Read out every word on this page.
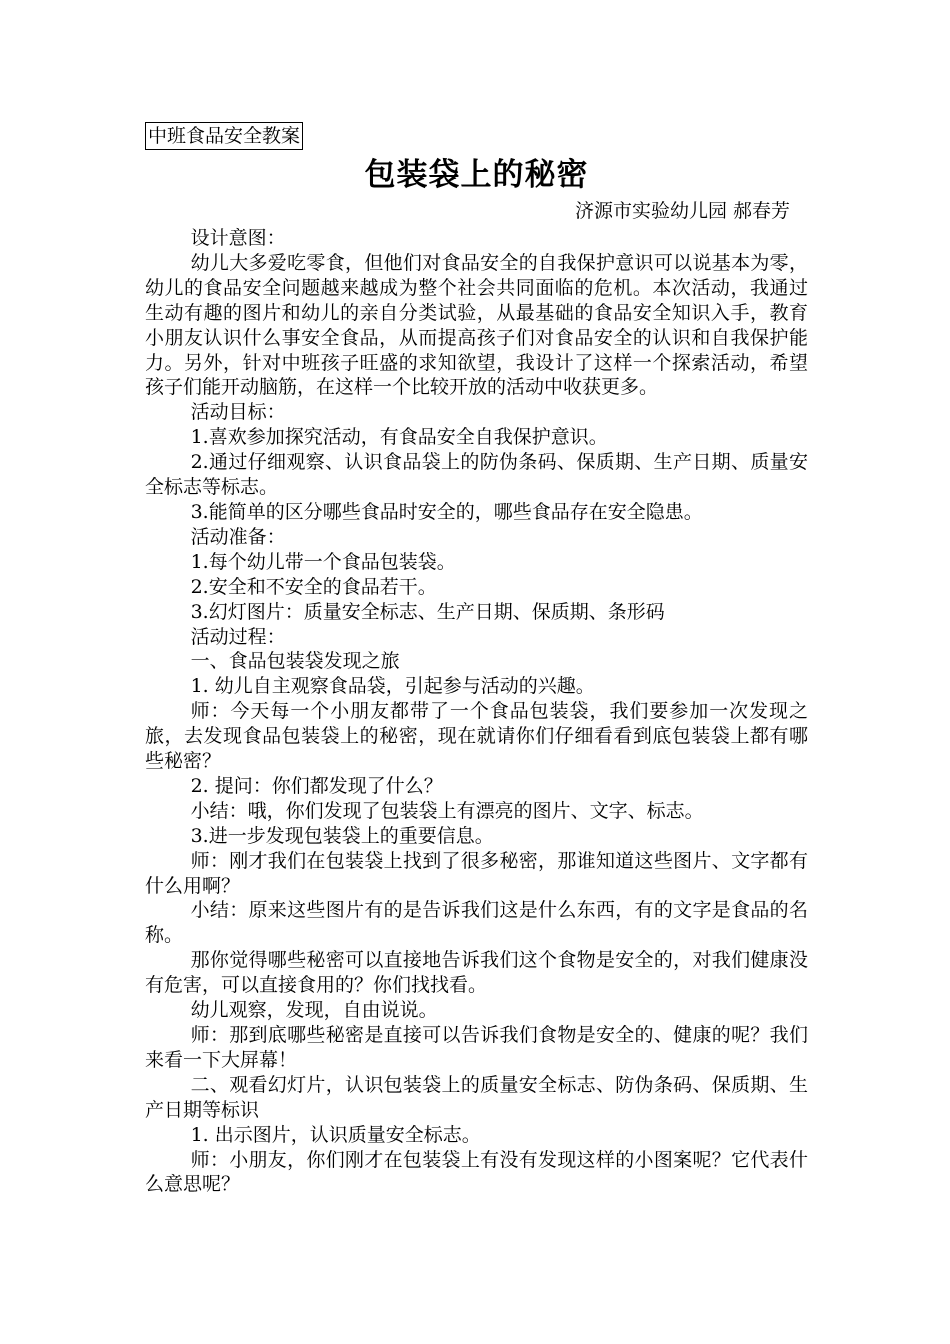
中班食品安全教案
包装袋上的秘密
济源市实验幼儿园 郝春芳

设计意图：

幼儿大多爱吃零食，但他们对食品安全的自我保护意识可以说基本为零，幼儿的食品安全问题越来越成为整个社会共同面临的危机。本次活动，我通过生动有趣的图片和幼儿的亲自分类试验，从最基础的食品安全知识入手，教育小朋友认识什么事安全食品，从而提高孩子们对食品安全的认识和自我保护能力。另外，针对中班孩子旺盛的求知欲望，我设计了这样一个探索活动，希望孩子们能开动脑筋，在这样一个比较开放的活动中收获更多。

活动目标：

1.喜欢参加探究活动，有食品安全自我保护意识。

2.通过仔细观察、认识食品袋上的防伪条码、保质期、生产日期、质量安全标志等标志。

3.能简单的区分哪些食品时安全的，哪些食品存在安全隐患。

活动准备：

1.每个幼儿带一个食品包装袋。

2.安全和不安全的食品若干。

3.幻灯图片：质量安全标志、生产日期、保质期、条形码

活动过程：

一、食品包装袋发现之旅

1. 幼儿自主观察食品袋，引起参与活动的兴趣。

师：今天每一个小朋友都带了一个食品包装袋，我们要参加一次发现之旅，去发现食品包装袋上的秘密，现在就请你们仔细看看到底包装袋上都有哪些秘密？

2. 提问：你们都发现了什么？

小结：哦，你们发现了包装袋上有漂亮的图片、文字、标志。

3.进一步发现包装袋上的重要信息。

师：刚才我们在包装袋上找到了很多秘密，那谁知道这些图片、文字都有什么用啊？

小结：原来这些图片有的是告诉我们这是什么东西，有的文字是食品的名称。

那你觉得哪些秘密可以直接地告诉我们这个食物是安全的，对我们健康没有危害，可以直接食用的？你们找找看。

幼儿观察，发现，自由说说。

师：那到底哪些秘密是直接可以告诉我们食物是安全的、健康的呢？我们来看一下大屏幕！

二、观看幻灯片，认识包装袋上的质量安全标志、防伪条码、保质期、生产日期等标识

1. 出示图片，认识质量安全标志。

师：小朋友，你们刚才在包装袋上有没有发现这样的小图案呢？它代表什么意思呢？
